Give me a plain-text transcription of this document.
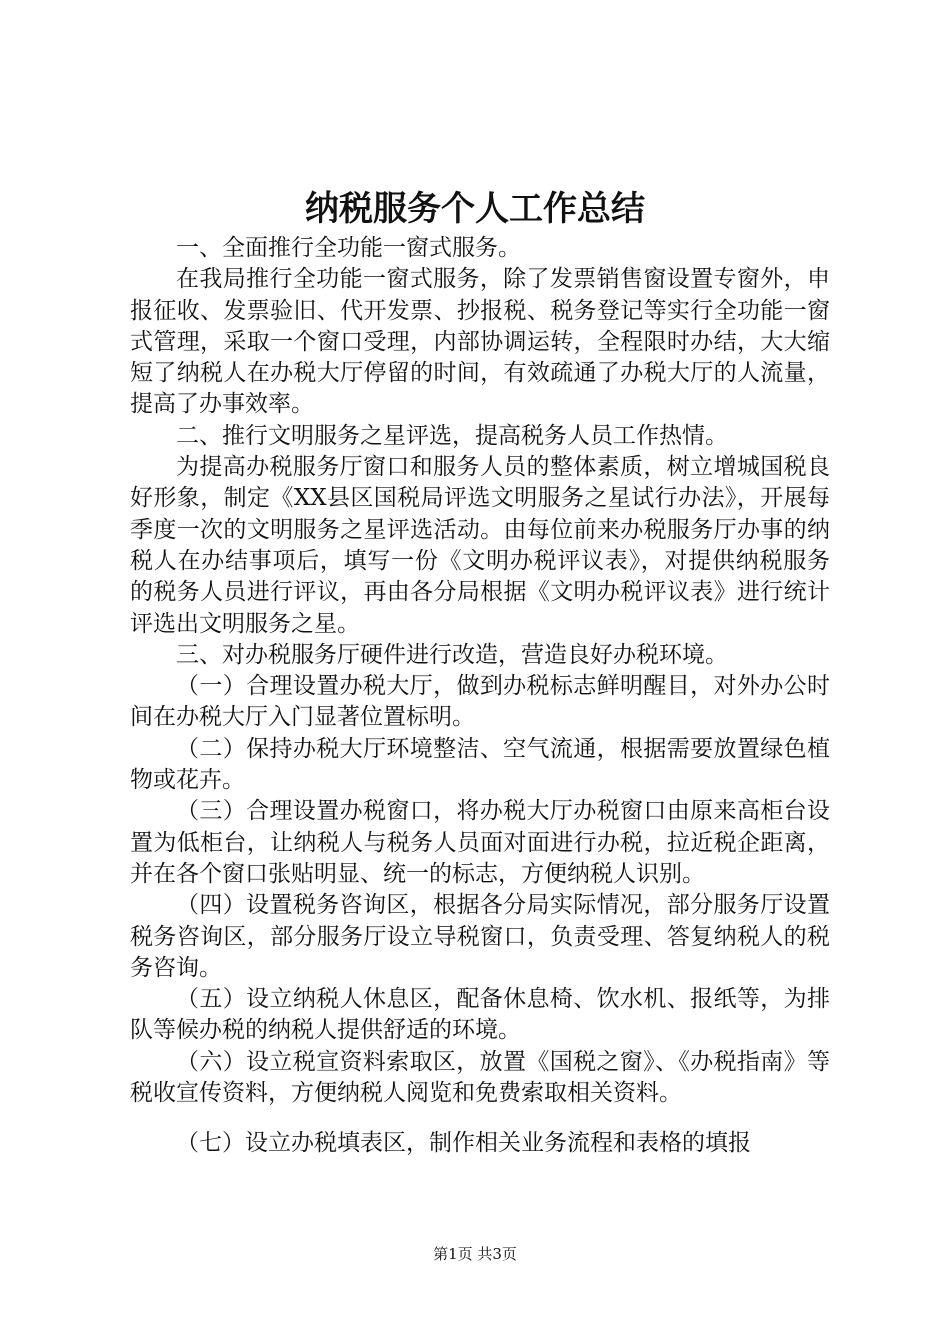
纳税服务个人工作总结

一、全面推行全功能一窗式服务。

在我局推行全功能一窗式服务，除了发票销售窗设置专窗外，申报征收、发票验旧、代开发票、抄报税、税务登记等实行全功能一窗式管理，采取一个窗口受理，内部协调运转，全程限时办结，大大缩短了纳税人在办税大厅停留的时间，有效疏通了办税大厅的人流量，提高了办事效率。

二、推行文明服务之星评选，提高税务人员工作热情。

为提高办税服务厅窗口和服务人员的整体素质，树立增城国税良好形象，制定《XX县区国税局评选文明服务之星试行办法》，开展每季度一次的文明服务之星评选活动。由每位前来办税服务厅办事的纳税人在办结事项后，填写一份《文明办税评议表》，对提供纳税服务的税务人员进行评议，再由各分局根据《文明办税评议表》进行统计评选出文明服务之星。

三、对办税服务厅硬件进行改造，营造良好办税环境。

（一）合理设置办税大厅，做到办税标志鲜明醒目，对外办公时间在办税大厅入门显著位置标明。

（二）保持办税大厅环境整洁、空气流通，根据需要放置绿色植物或花卉。

（三）合理设置办税窗口，将办税大厅办税窗口由原来高柜台设置为低柜台，让纳税人与税务人员面对面进行办税，拉近税企距离，并在各个窗口张贴明显、统一的标志，方便纳税人识别。

（四）设置税务咨询区，根据各分局实际情况，部分服务厅设置税务咨询区，部分服务厅设立导税窗口，负责受理、答复纳税人的税务咨询。

（五）设立纳税人休息区，配备休息椅、饮水机、报纸等，为排队等候办税的纳税人提供舒适的环境。

（六）设立税宣资料索取区，放置《国税之窗》、《办税指南》等税收宣传资料，方便纳税人阅览和免费索取相关资料。

（七）设立办税填表区，制作相关业务流程和表格的填报

第1页 共3页
